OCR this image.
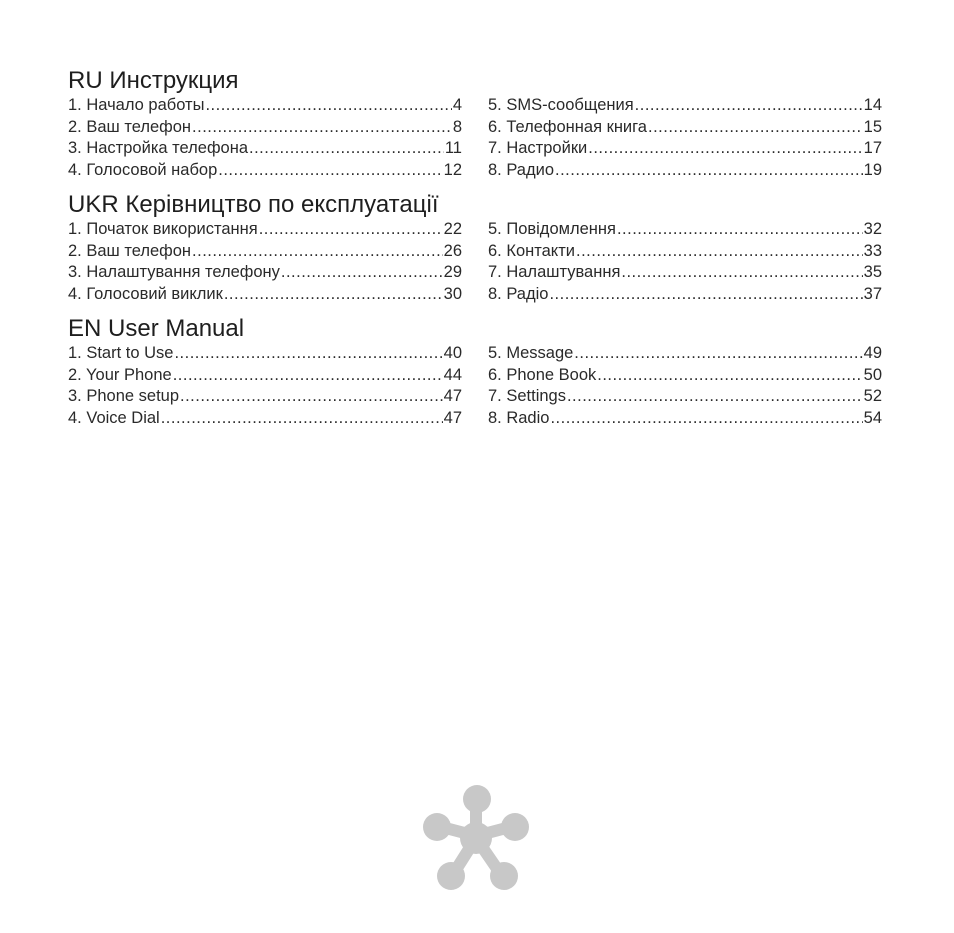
RU Инструкция
1. Начало работы .....	4
2. Ваш телефон .....	8
3. Настройка телефона .....	11
4. Голосовой набор .....	12
5. SMS-сообщения .....	14
6. Телефонная книга .....	15
7. Настройки .....	17
8. Радио .....	19
UKR Керівництво по експлуатації
1. Початок використання .....	22
2. Ваш телефон .....	26
3. Налаштування телефону .....	29
4. Голосовий виклик .....	30
5. Повідомлення .....	32
6. Контакти .....	33
7. Налаштування .....	35
8. Радіо .....	37
EN User Manual
1. Start to Use .....	40
2. Your Phone .....	44
3. Phone setup .....	47
4. Voice Dial .....	47
5. Message .....	49
6. Phone Book .....	50
7. Settings .....	52
8. Radio .....	54
